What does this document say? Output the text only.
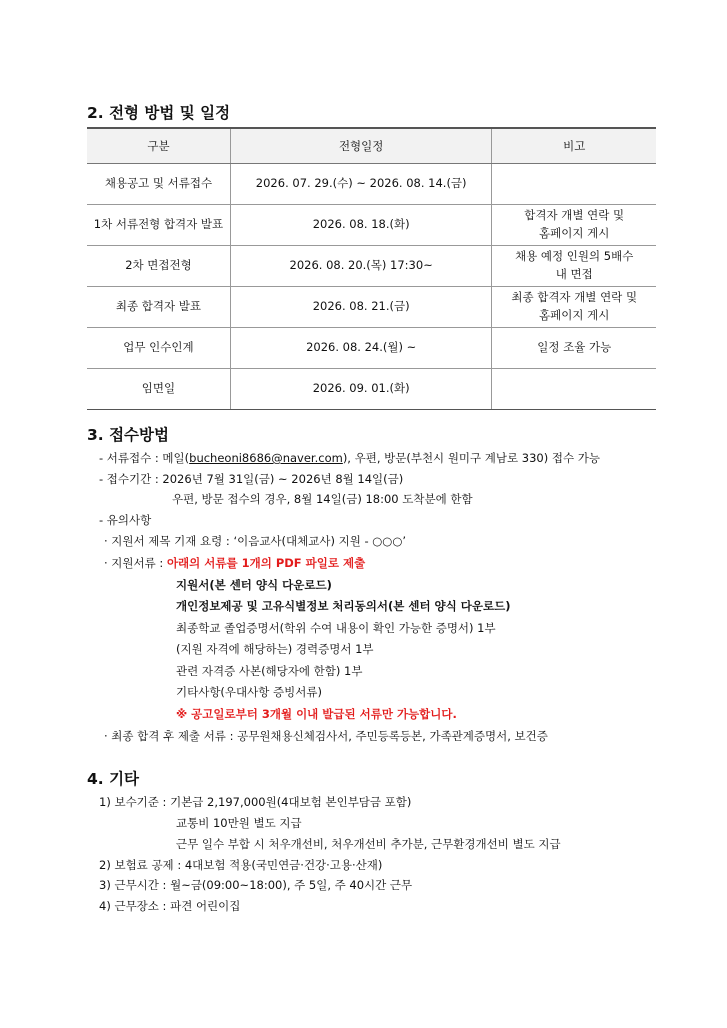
2. 전형 방법 및 일정
구분	전형일정	비고
채용공고 및 서류접수	2026. 07. 29.(수) ~ 2026. 08. 14.(금)	

1차 서류전형 합격자 발표	2026. 08. 18.(화)	합격자 개별 연락 및
홈페이지 게시

2차 면접전형	2026. 08. 20.(목) 17:30~	채용 예정 인원의 5배수
내 면접

최종 합격자 발표	2026. 08. 21.(금)	최종 합격자 개별 연락 및
홈페이지 게시

업무 인수인계	2026. 08. 24.(월) ~	일정 조율 가능

임면일	2026. 09. 01.(화)	
3. 접수방법

- 서류접수 : 메일(bucheoni8686@naver.com), 우편, 방문(부천시 원미구 계남로 330) 접수 가능

- 접수기간 : 2026년 7월 31일(금) ~ 2026년 8월 14일(금)

우편, 방문 접수의 경우, 8월 14일(금) 18:00 도착분에 한함

- 유의사항

· 지원서 제목 기재 요령 : ‘이음교사(대체교사) 지원 - ○○○’

· 지원서류 : 아래의 서류를 1개의 PDF 파일로 제출

지원서(본 센터 양식 다운로드)

개인정보제공 및 고유식별정보 처리동의서(본 센터 양식 다운로드)

최종학교 졸업증명서(학위 수여 내용이 확인 가능한 증명서) 1부

(지원 자격에 해당하는) 경력증명서 1부

관련 자격증 사본(해당자에 한함) 1부

기타사항(우대사항 증빙서류)

※ 공고일로부터 3개월 이내 발급된 서류만 가능합니다.

· 최종 합격 후 제출 서류 : 공무원채용신체검사서, 주민등록등본, 가족관계증명서, 보건증

4. 기타

1) 보수기준 : 기본급 2,197,000원(4대보험 본인부담금 포함)

교통비 10만원 별도 지급

근무 일수 부합 시 처우개선비, 처우개선비 추가분, 근무환경개선비 별도 지급

2) 보험료 공제 : 4대보험 적용(국민연금·건강·고용·산재)

3) 근무시간 : 월~금(09:00~18:00), 주 5일, 주 40시간 근무

4) 근무장소 : 파견 어린이집
